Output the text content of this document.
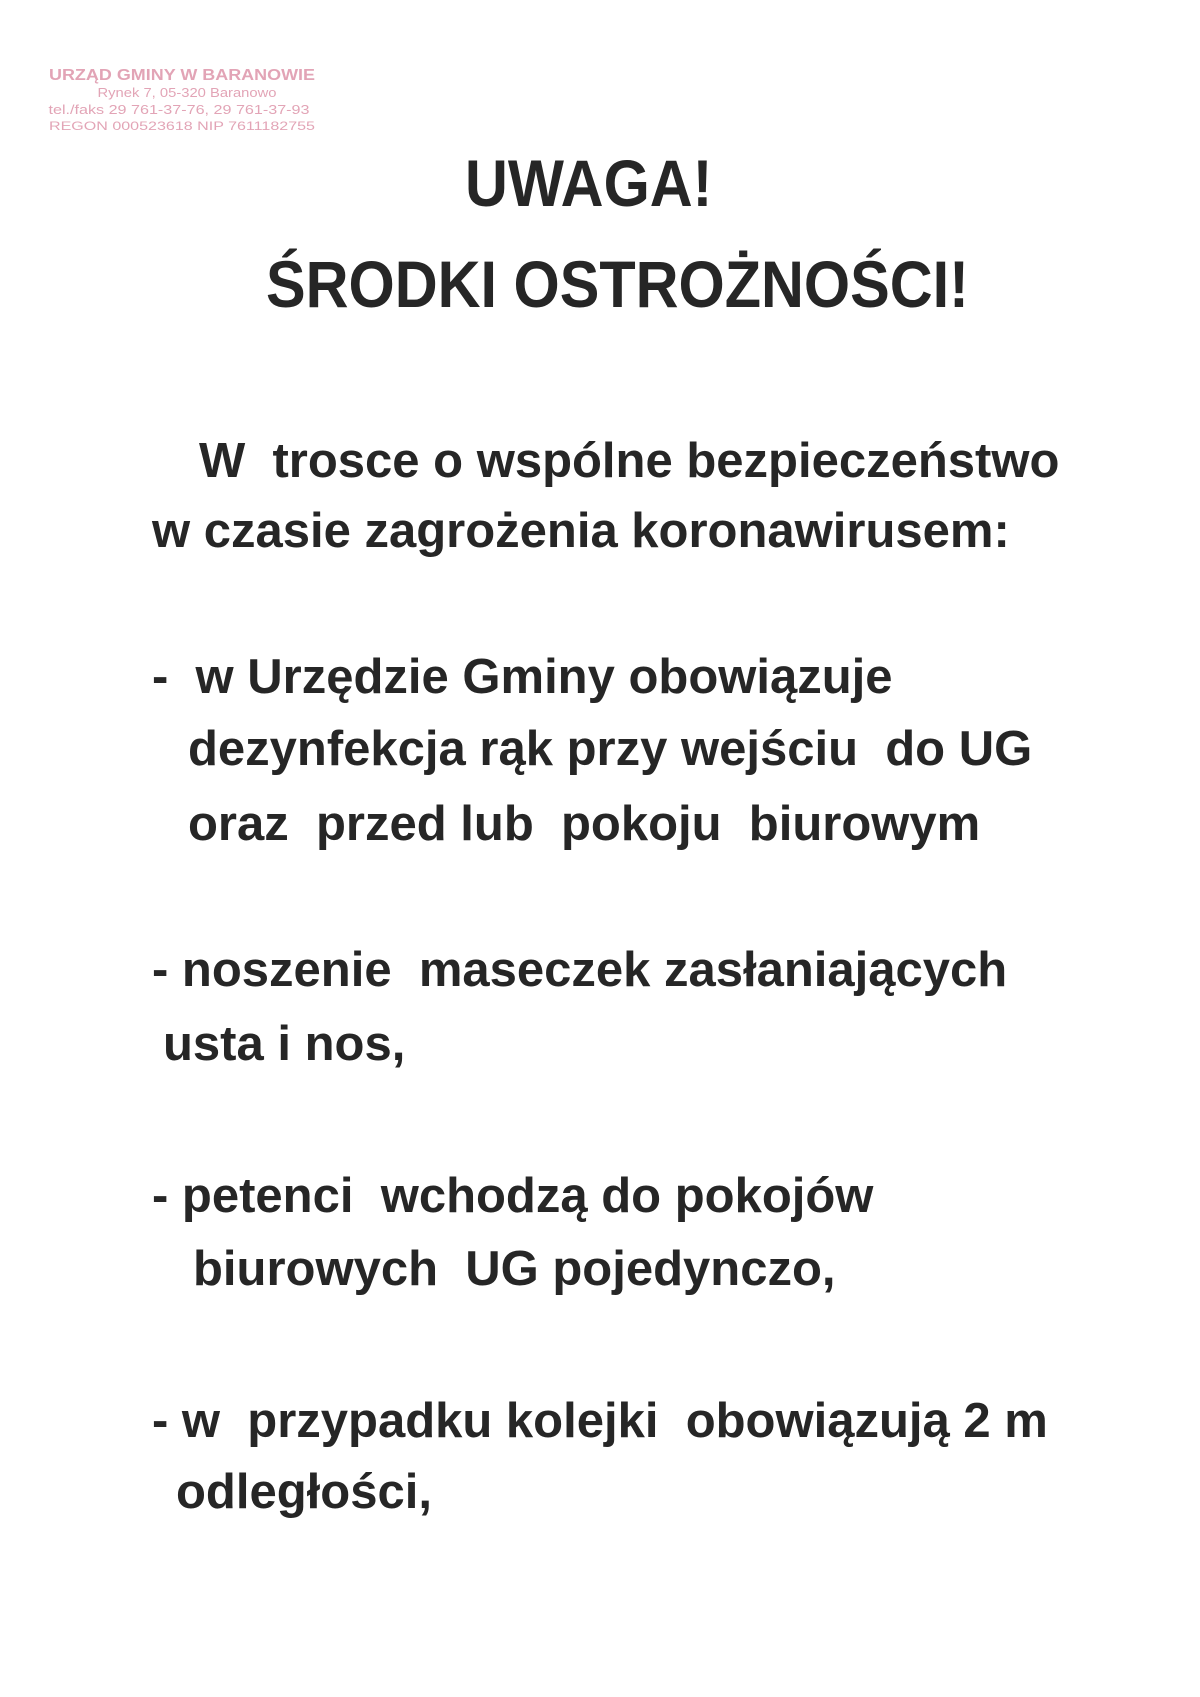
URZĄD GMINY W BARANOWIE
Rynek 7, 05-320 Baranowo
tel./faks 29 761-37-76, 29 761-37-93
REGON 000523618 NIP 7611182755
UWAGA!
ŚRODKI OSTROŻNOŚCI!
W  trosce o wspólne bezpieczeństwo
w czasie zagrożenia koronawirusem:
-  w Urzędzie Gminy obowiązuje
dezynfekcja rąk przy wejściu  do UG
oraz  przed lub  pokoju  biurowym
- noszenie  maseczek zasłaniających
usta i nos,
- petenci  wchodzą do pokojów
biurowych  UG pojedynczo,
- w  przypadku kolejki  obowiązują 2 m
odległości,
